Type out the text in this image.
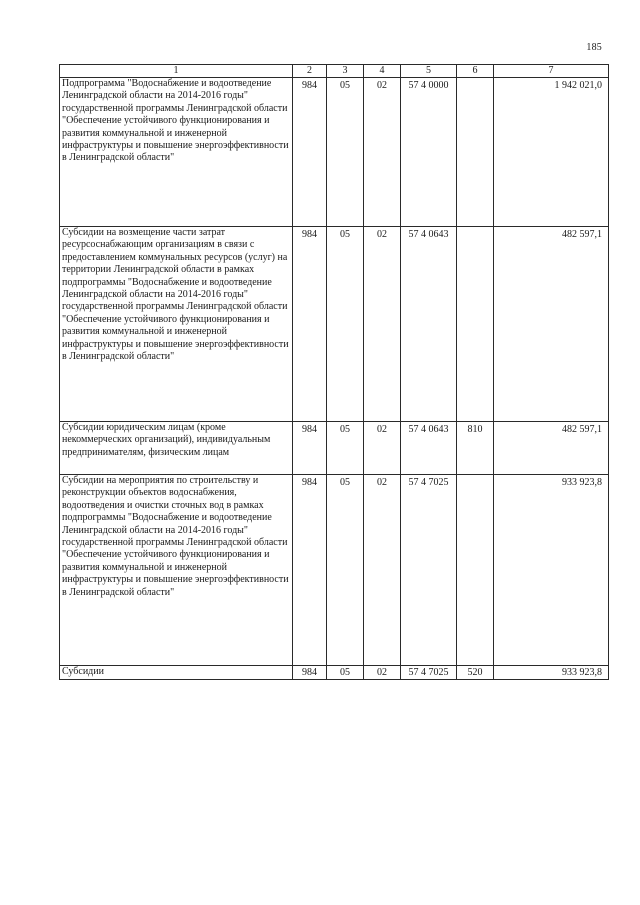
185
1	2	3	4	5	6	7
Подпрограмма "Водоснабжение и водоотведение Ленинградской области на 2014-2016 годы" государственной программы Ленинградской области "Обеспечение устойчивого функционирования и развития коммунальной и инженерной инфраструктуры и повышение энергоэффективности в Ленинградской области"	984	05	02	57 4 0000		1 942 021,0
Субсидии на возмещение части затрат ресурсоснабжающим организациям в связи с предоставлением коммунальных ресурсов (услуг) на территории Ленинградской области в рамках подпрограммы "Водоснабжение и водоотведение Ленинградской области на 2014-2016 годы" государственной программы Ленинградской области "Обеспечение устойчивого функционирования и развития коммунальной и инженерной инфраструктуры и повышение энергоэффективности в Ленинградской области"	984	05	02	57 4 0643		482 597,1
Субсидии юридическим лицам (кроме некоммерческих организаций), индивидуальным предпринимателям, физическим лицам	984	05	02	57 4 0643	810	482 597,1
Субсидии на мероприятия по строительству и реконструкции объектов водоснабжения, водоотведения и очистки сточных вод в рамках подпрограммы "Водоснабжение и водоотведение Ленинградской области на 2014-2016 годы" государственной программы Ленинградской области "Обеспечение устойчивого функционирования и развития коммунальной и инженерной инфраструктуры и повышение энергоэффективности в Ленинградской области"	984	05	02	57 4 7025		933 923,8
Субсидии	984	05	02	57 4 7025	520	933 923,8
